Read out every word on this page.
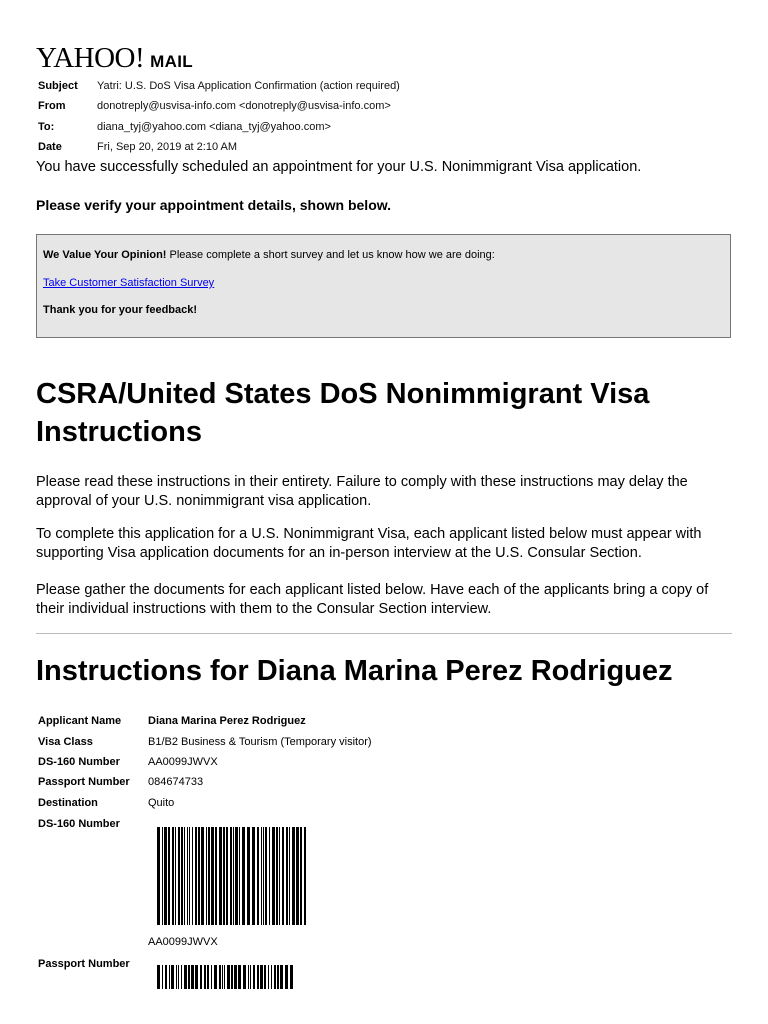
YAHOO! MAIL
Subject	Yatri: U.S. DoS Visa Application Confirmation (action required)
From	donotreply@usvisa-info.com <donotreply@usvisa-info.com>
To:	diana_tyj@yahoo.com <diana_tyj@yahoo.com>
Date	Fri, Sep 20, 2019 at 2:10 AM
You have successfully scheduled an appointment for your U.S. Nonimmigrant Visa application.
Please verify your appointment details, shown below.
We Value Your Opinion! Please complete a short survey and let us know how we are doing:
Take Customer Satisfaction Survey
Thank you for your feedback!
CSRA/United States DoS Nonimmigrant Visa Instructions
Please read these instructions in their entirety. Failure to comply with these instructions may delay the approval of your U.S. nonimmigrant visa application.
To complete this application for a U.S. Nonimmigrant Visa, each applicant listed below must appear with supporting Visa application documents for an in-person interview at the U.S. Consular Section.
Please gather the documents for each applicant listed below. Have each of the applicants bring a copy of their individual instructions with them to the Consular Section interview.
Instructions for Diana Marina Perez Rodriguez
Applicant Name Diana Marina Perez Rodriguez
Visa Class	B1/B2 Business & Tourism (Temporary visitor)
DS-160 Number	AA0099JWVX
Passport Number 084674733
Destination	Quito
DS-160 Number
AA0099JWVX
Passport Number
